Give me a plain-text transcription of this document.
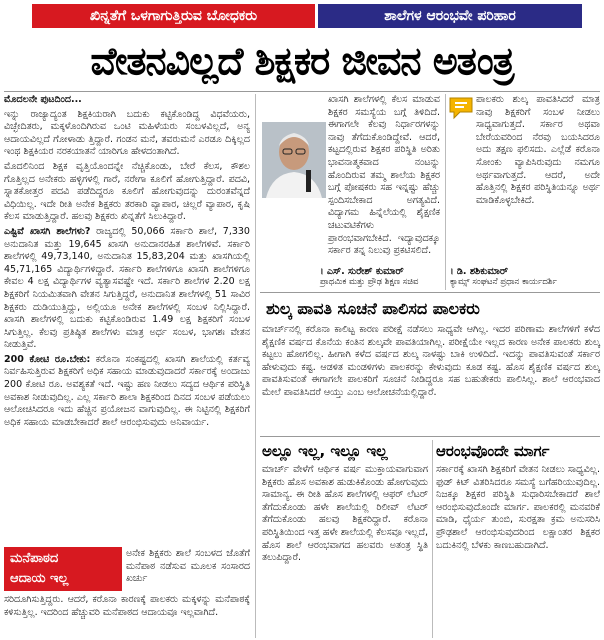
ಖಿನ್ನತೆಗೆ ಒಳಗಾಗುತ್ತಿರುವ ಬೋಧಕರು	ಶಾಲೆಗಳ ಆರಂಭವೇ ಪರಿಹಾರ
ವೇತನವಿಲ್ಲದೆ ಶಿಕ್ಷಕರ ಜೀವನ ಅತಂತ್ರ

ಮೊದಲನೇ ಪುಟದಿಂದ...

ಇನ್ನು ರಾಜ್ಯಾದ್ಯಂತ ಶಿಕ್ಷಕಿಯರಾಗಿ ಬದುಕು ಕಟ್ಟಿಕೊಂಡಿದ್ದ ವಿಧವೆಯರು, ವಿಚ್ಛೇದಿತರು, ಮಕ್ಕಳೊಂದಿಗಿರುವ ಒಂಟಿ ಮಹಿಳೆಯರು ಸಂಬಳವಿಲ್ಲದೆ, ಅನ್ಯ ಆದಾಯವಿಲ್ಲದೆ ಗೋಳಾಡು ತ್ತಿದ್ದಾರೆ. ಗಂಡನ ಮನೆ, ತವರುಮನೆ ಎರಡೂ ದಿಕ್ಕಿಲ್ಲದ ಇಂಥ ಶಿಕ್ಷಕಿಯರ ನರಕಯಾತನೆ ಯಾರಿಗೂ ಹೇಳದಂತಾಗಿದೆ.

ಮೊದಲಿನಿಂದ ಶಿಕ್ಷಕ ವೃತ್ತಿಯೊಂದನ್ನೇ ನೆಚ್ಚಿಕೊಂಡು, ಬೇರೆ ಕೆಲಸ, ಕೌಶಲ ಗೊತ್ತಿಲ್ಲದ ಅನೇಕರು ಹಳ್ಳಿಗಳಲ್ಲಿ ಗಾರೆ, ನರೇಗಾ ಕೂಲಿಗೆ ಹೋಗುತ್ತಿದ್ದಾರೆ. ಪದವಿ, ಸ್ನಾತಕೋತ್ತರ ಪದವಿ ಪಡೆದಿದ್ದರೂ ಕೂಲಿಗೆ ಹೋಗುವುದನ್ನು ದುರಂತವೆನ್ನದೆ ವಿಧಿಯಿಲ್ಲ. ಇದೇ ರೀತಿ ಅನೇಕ ಶಿಕ್ಷಕರು ತರಕಾರಿ ವ್ಯಾಪಾರ, ಚಿಲ್ಲರೆ ವ್ಯಾಪಾರ, ಕೃಷಿ ಕೆಲಸ ಮಾಡುತ್ತಿದ್ದಾರೆ. ಹಲವು ಶಿಕ್ಷಕರು ಖಿನ್ನತೆಗೆ ಸಿಲುಕಿದ್ದಾರೆ.

ಎಷ್ಟಿವೆ ಖಾಸಗಿ ಶಾಲೆಗಳು? ರಾಜ್ಯದಲ್ಲಿ 50,066 ಸರ್ಕಾರಿ ಶಾಲೆ, 7,330 ಅನುದಾನಿತ ಮತ್ತು 19,645 ಖಾಸಗಿ ಅನುದಾನರಹಿತ ಶಾಲೆಗಳಿವೆ. ಸರ್ಕಾರಿ ಶಾಲೆಗಳಲ್ಲಿ 49,73,140, ಅನುದಾನಿತ 15,83,204 ಮತ್ತು ಖಾಸಗಿಯಲ್ಲಿ 45,71,165 ವಿದ್ಯಾರ್ಥಿಗಳಿದ್ದಾರೆ. ಸರ್ಕಾರಿ ಶಾಲೆಗಳಿಗೂ ಖಾಸಗಿ ಶಾಲೆಗಳಿಗೂ ಕೇವಲ 4 ಲಕ್ಷ ವಿದ್ಯಾರ್ಥಿಗಳ ವ್ಯತ್ಯಾಸವಷ್ಟೇ ಇದೆ. ಸರ್ಕಾರಿ ಶಾಲೆಗಳ 2.20 ಲಕ್ಷ ಶಿಕ್ಷಕರಿಗೆ ನಿಯಮಿತವಾಗಿ ವೇತನ ಸಿಗುತ್ತಿದ್ದರೆ, ಅನುದಾನಿತ ಶಾಲೆಗಳಲ್ಲಿ 51 ಸಾವಿರ ಶಿಕ್ಷಕರು ದುಡಿಯುತ್ತಿದ್ದು, ಅಲ್ಲಿಯೂ ಅನೇಕ ಶಾಲೆಗಳಲ್ಲಿ ಸಂಬಳ ನಿಲ್ಲಿಸಿದ್ದಾರೆ. ಖಾಸಗಿ ಶಾಲೆಗಳಲ್ಲಿ ಬದುಕು ಕಟ್ಟಿಕೊಂಡಿರುವ 1.49 ಲಕ್ಷ ಶಿಕ್ಷಕರಿಗೆ ಸಂಬಳ ಸಿಗುತ್ತಿಲ್ಲ. ಕೆಲವು ಪ್ರತಿಷ್ಠಿತ ಶಾಲೆಗಳು ಮಾತ್ರ ಅರ್ಧ ಸಂಬಳ, ಭಾಗಶಃ ವೇತನ ನೀಡುತ್ತಿವೆ.

200 ಕೋಟಿ ರೂ.ಬೇಕು: ಕರೊನಾ ಸಂಕಷ್ಟದಲ್ಲಿ ಖಾಸಗಿ ಶಾಲೆಯಲ್ಲಿ ಕರ್ತವ್ಯ ನಿರ್ವಹಿಸುತ್ತಿರುವ ಶಿಕ್ಷಕರಿಗೆ ಅಧಿಕ ಸಹಾಯ ಮಾಡುವುದಾದರೆ ಸರ್ಕಾರಕ್ಕೆ ಅಂದಾಜು 200 ಕೋಟಿ ರೂ. ಅವಶ್ಯಕತೆ ಇದೆ. ಇಷ್ಟು ಹಣ ನೀಡಲು ಸದ್ಯದ ಆರ್ಥಿಕ ಪರಿಸ್ಥಿತಿ ಅವಕಾಶ ನೀಡುವುದಿಲ್ಲ. ಎಲ್ಲ ಸರ್ಕಾರಿ ಶಾಲಾ ಶಿಕ್ಷಕರಿಂದ ದಿನದ ಸಂಬಳ ಪಡೆಯಲು ಆಲೋಚಿಸಿದರೂ ಇದು ಹೆಚ್ಚಿನ ಪ್ರಯೋಜನ ವಾಗುವುದಿಲ್ಲ. ಈ ನಿಟ್ಟಿನಲ್ಲಿ ಶಿಕ್ಷಕರಿಗೆ ಅಧಿಕ ಸಹಾಯ ಮಾಡಬೇಕಾದರೆ ಶಾಲೆ ಆರಂಭಿಸುವುದು ಅನಿವಾರ್ಯ.

ಮನೆಪಾಠದ
ಆದಾಯ ಇಲ್ಲ
ಅನೇಕ ಶಿಕ್ಷಕರು ಶಾಲೆ ಸಂಬಳದ ಜೊತೆಗೆ ಮನೆಪಾಠ ನಡೆಸುವ ಮೂಲಕ ಸಂಸಾರದ ಖರ್ಚು
ಸರಿದೂಗಿಸುತ್ತಿದ್ದರು. ಆದರೆ, ಕರೊನಾ ಕಾರಣಕ್ಕೆ ಪಾಲಕರು ಮಕ್ಕಳನ್ನು ಮನೆಪಾಠಕ್ಕೆ ಕಳಿಸುತ್ತಿಲ್ಲ. ಇದರಿಂದ ಹೆಚ್ಚುವರಿ ಮನೆಪಾಠದ ಆದಾಯವೂ ಇಲ್ಲವಾಗಿದೆ.

ಖಾಸಗಿ ಶಾಲೆಗಳಲ್ಲಿ ಕೆಲಸ ಮಾಡುವ ಶಿಕ್ಷಕರ ಸಮಸ್ಯೆಯ ಬಗ್ಗೆ ತಿಳಿದಿದೆ. ಈಗಾಗಲೇ ಕೆಲವು ನಿರ್ಧಾರಗಳನ್ನು ನಾವು ತೆಗೆದುಕೊಂಡಿದ್ದೇವೆ. ಆದರೆ, ಕಟ್ಟದಲ್ಲಿರುವ ಶಿಕ್ಷಕರ ಪರಿಸ್ಥಿತಿ ಅರಿತು ಭಾವನಾತ್ಮಕವಾದ ನಂಟನ್ನು ಹೊಂದಿರುವ ತಮ್ಮ ಶಾಲೆಯ ಶಿಕ್ಷಕರ ಬಗ್ಗೆ ಪೋಷಕರು ಸಹ ಇನ್ನಷ್ಟು ಹೆಚ್ಚು ಸ್ಪಂದಿಸಬೇಕಾದ ಅಗತ್ಯವಿದೆ. ವಿದ್ಯಾಗಮ ಹಿನ್ನೆಲೆಯಲ್ಲಿ ಶೈಕ್ಷಣಿಕ ಚಟುವಟಿಕೆಗಳು ಪ್ರಾರಂಭವಾಗಬೇಕಿದೆ. ಇದ್ಯಾವುದಕ್ಕೂ ಸರ್ಕಾರ ತನ್ನ ನಿಲುವು ಪ್ರಕಟಿಸಲಿದೆ.

। ಎಸ್. ಸುರೇಶ್ ಕುಮಾರ್
ಪ್ರಾಥಮಿಕ ಮತ್ತು ಪ್ರೌಢ ಶಿಕ್ಷಣ ಸಚಿವ
ಪಾಲಕರು ಶುಲ್ಕ ಪಾವತಿಸಿದರೆ ಮಾತ್ರ ನಾವು ಶಿಕ್ಷಕರಿಗೆ ಸಂಬಳ ನೀಡಲು ಸಾಧ್ಯವಾಗುತ್ತದೆ. ಸರ್ಕಾರ ಅಥವಾ ಬೇರೆಯವರಿಂದ ನೆರವು ಬಯಸಿದರೂ ಅದು ತಕ್ಷಣ ಫಲಿಸದು. ಎಲ್ಲೆಡೆ ಕರೊನಾ ಸೋಂಕು ವ್ಯಾಪಿಸಿರುವುದು ನಮಗೂ ಅರ್ಥವಾಗುತ್ತದೆ. ಆದರೆ, ಅದೇ ಹೊತ್ತಿನಲ್ಲಿ ಶಿಕ್ಷಕರ ಪರಿಸ್ಥಿತಿಯನ್ನೂ ಅರ್ಥ ಮಾಡಿಕೊಳ್ಳಬೇಕಿದೆ.
। ಡಿ. ಶಶಿಕುಮಾರ್
ಕ್ಯಾಮ್ಸ್ ಸಂಘಟನೆ ಪ್ರಧಾನ ಕಾರ್ಯದರ್ಶಿ
ಶುಲ್ಕ ಪಾವತಿ ಸೂಚನೆ ಪಾಲಿಸದ ಪಾಲಕರು
ಮಾರ್ಚ್‌ನಲ್ಲಿ ಕರೊನಾ ಕಾಲಿಟ್ಟ ಕಾರಣ ಪರೀಕ್ಷೆ ನಡೆಸಲು ಸಾಧ್ಯವೇ ಆಗಿಲ್ಲ. ಇದರ ಪರಿಣಾಮ ಶಾಲೆಗಳಿಗೆ ಕಳೆದ ಶೈಕ್ಷಣಿಕ ವರ್ಷದ ಕೊನೆಯ ಕಂತಿನ ಶುಲ್ಕವೇ ಪಾವತಿಯಾಗಿಲ್ಲ. ಪರೀಕ್ಷೆಯೇ ಇಲ್ಲದ ಕಾರಣ ಅನೇಕ ಪಾಲಕರು ಶುಲ್ಕ ಕಟ್ಟಲು ಹೋಗಲಿಲ್ಲ. ಹೀಗಾಗಿ ಕಳೆದ ವರ್ಷದ ಶುಲ್ಕ ನಾಳಷ್ಟು ಬಾಕಿ ಉಳಿದಿದೆ. ಇದನ್ನು ಪಾವತಿಸುವಂತೆ ಸರ್ಕಾರ ಹೇಳುವುದು ಕಷ್ಟ. ಆಡಳಿತ ಮಂಡಳಿಗಳು ಪಾಲಕರನ್ನು ಕೇಳುವುದು ಕೂಡ ಕಷ್ಟ. ಹೊಸ ಶೈಕ್ಷಣಿಕ ವರ್ಷದ ಶುಲ್ಕ ಪಾವತಿಸುವಂತೆ ಈಗಾಗಲೇ ಪಾಲಕರಿಗೆ ಸೂಚನೆ ನೀಡಿದ್ದರೂ ಸಹ ಬಹುತೇಕರು ಪಾಲಿಸಿಲ್ಲ. ಶಾಲೆ ಆರಂಭವಾದ ಮೇಲೆ ಪಾವತಿಸಿದರೆ ಆಯ್ತು ಎಂಬ ಆಲೋಚನೆಯಲ್ಲಿದ್ದಾರೆ.
ಅಲ್ಲೂ ಇಲ್ಲ, ಇಲ್ಲೂ ಇಲ್ಲ
ಮಾರ್ಚ್ ವೇಳೆಗೆ ಆರ್ಥಿಕ ವರ್ಷ ಮುಕ್ತಾಯವಾಗುವಾಗ ಶಿಕ್ಷಕರು ಹೊಸ ಅವಕಾಶ ಹುಡುಕಿಕೊಂಡು ಹೋಗುವುದು ಸಾಮಾನ್ಯ. ಈ ರೀತಿ ಹೊಸ ಶಾಲೆಗಳಲ್ಲಿ ಆಫರ್ ಲೆಟರ್ ತೆಗೆದುಕೊಂಡು ಹಳೇ ಶಾಲೆಯಲ್ಲಿ ರಿಲೀವ್ ಲೆಟರ್ ತೆಗೆದುಕೊಂಡು ಹಲವು ಶಿಕ್ಷಕರಿದ್ದಾರೆ. ಕರೊನಾ ಪರಿಸ್ಥಿತಿಯಿಂದ ಇತ್ತ ಹಳೇ ಶಾಲೆಯಲ್ಲಿ ಕೆಲಸವೂ ಇಲ್ಲದೆ, ಹೊಸ ಶಾಲೆ ಆರಂಭವಾಗದ ಹಲವರು ಅತಂತ್ರ ಸ್ಥಿತಿ ತಲುಪಿದ್ದಾರೆ.
ಆರಂಭವೊಂದೇ ಮಾರ್ಗ
ಸರ್ಕಾರಕ್ಕೆ ಖಾಸಗಿ ಶಿಕ್ಷಕರಿಗೆ ವೇತನ ನೀಡಲು ಸಾಧ್ಯವಿಲ್ಲ. ಫುಡ್ ಕಿಟ್ ವಿತರಿಸಿದರೂ ಸಮಸ್ಯೆ ಬಗೆಹರಿಯುವುದಿಲ್ಲ. ನಿಜಕ್ಕೂ ಶಿಕ್ಷಕರ ಪರಿಸ್ಥಿತಿ ಸುಧಾರಿಸಬೇಕಾದರೆ ಶಾಲೆ ಆರಂಭಿಸುವುದೊಂದೇ ಮಾರ್ಗ. ಪಾಲಕರಲ್ಲಿ ಮನವರಿಕೆ ಮಾಡಿ, ಧೈರ್ಯ ತುಂಬಿ, ಸುರಕ್ಷತಾ ಕ್ರಮ ಅನುಸರಿಸಿ ಪ್ರೌಢಶಾಲೆ ಆರಂಭಿಸುವುದರಿಂದ ಲಕ್ಷಾಂತರ ಶಿಕ್ಷಕರ ಬದುಕಿನಲ್ಲಿ ಬೆಳಕು ಕಾಣಬಹುದಾಗಿದೆ.
